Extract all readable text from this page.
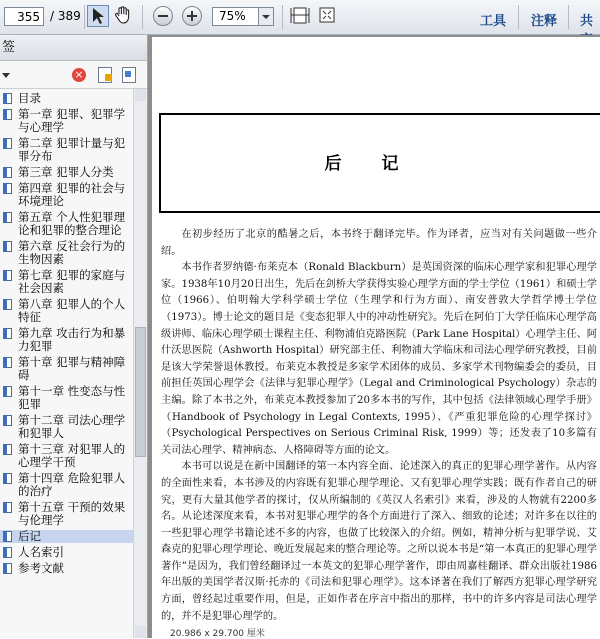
355 / 389	75%	工具 注释 共
签
×
目录
第一章 犯罪、犯罪学与心理学
第二章 犯罪计量与犯罪分布
第三章 犯罪人分类
第四章 犯罪的社会与环境理论
第五章 个人性犯罪理论和犯罪的整合理论
第六章 反社会行为的生物因素
第七章 犯罪的家庭与社会因素
第八章 犯罪人的个人特征
第九章 攻击行为和暴力犯罪
第十章 犯罪与精神障碍
第十一章 性变态与性犯罪
第十二章 司法心理学和犯罪人
第十三章 对犯罪人的心理学干预
第十四章 危险犯罪人的治疗
第十五章 干预的效果与伦理学
后记
人名索引
参考文献
后记

在初步经历了北京的酷暑之后，本书终于翻译完毕。作为译者，应当对有关问题做一些介绍。

本书作者罗纳德·布莱克本（Ronald Blackburn）是英国资深的临床心理学家和犯罪心理学家。1938年10月20日出生，先后在剑桥大学获得实验心理学方面的学士学位（1961）和硕士学位（1966）、伯明翰大学科学硕士学位（生理学和行为方面）、南安普敦大学哲学博士学位（1973）。博士论文的题目是《变态犯罪人中的冲动性研究》。先后在阿伯丁大学任临床心理学高级讲师、临床心理学硕士课程主任、利物浦伯克路医院（Park Lane Hospital）心理学主任、阿什沃思医院（Ashworth Hospital）研究部主任、利物浦大学临床和司法心理学研究教授，目前是该大学荣誉退休教授。布莱克本教授是多家学术团体的成员、多家学术刊物编委会的委员，目前担任英国心理学会《法律与犯罪心理学》（Legal and Criminological Psychology）杂志的主编。除了本书之外，布莱克本教授参加了20多本书的写作，其中包括《法律领域心理学手册》（Handbook of Psychology in Legal Contexts, 1995）、《严重犯罪危险的心理学探讨》（Psychological Perspectives on Serious Criminal Risk, 1999）等；还发表了10多篇有关司法心理学、精神病态、人格障碍等方面的论文。

本书可以说是在新中国翻译的第一本内容全面、论述深入的真正的犯罪心理学著作。从内容的全面性来看，本书涉及的内容既有犯罪心理学理论、又有犯罪心理学实践；既有作者自己的研究，更有大量其他学者的探讨，仅从所编制的《英汉人名索引》来看，涉及的人物就有2200多名。从论述深度来看，本书对犯罪心理学的各个方面进行了深入、细致的论述；对许多在以往的一些犯罪心理学书籍论述不多的内容，也做了比较深入的介绍。例如，精神分析与犯罪学说、艾森克的犯罪心理学理论、晚近发展起来的整合理论等。之所以说本书是“第一本真正的犯罪心理学著作”是因为，我们曾经翻译过一本英文的犯罪心理学著作，即由周嘉桂翻译、群众出版社1986年出版的美国学者汉斯·托赤的《司法和犯罪心理学》。这本译著在我们了解西方犯罪心理学研究方面，曾经起过重要作用，但是，正如作者在序言中指出的那样，书中的许多内容是司法心理学的，并不是犯罪心理学的。

20.986 x 29.700 厘米
